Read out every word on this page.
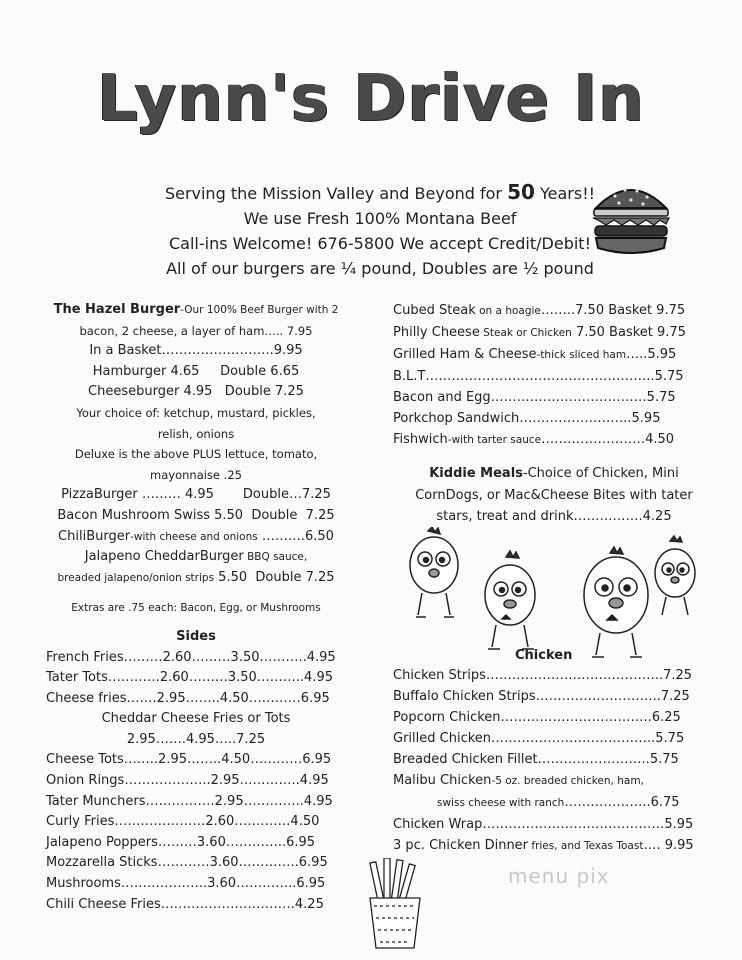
Lynn's Drive In
Serving the Mission Valley and Beyond for 50 Years!!
We use Fresh 100% Montana Beef
Call-ins Welcome! 676-5800 We accept Credit/Debit!
All of our burgers are ¼ pound, Doubles are ½ pound
The Hazel Burger-Our 100% Beef Burger with 2
bacon, 2 cheese, a layer of ham….. 7.95
In a Basket……………………..9.95
Hamburger 4.65     Double 6.65
Cheeseburger 4.95   Double 7.25
Your choice of: ketchup, mustard, pickles,
relish, onions
Deluxe is the above PLUS lettuce, tomato,
mayonnaise .25
PizzaBurger ……… 4.95       Double…7.25
Bacon Mushroom Swiss 5.50  Double  7.25
ChiliBurger-with cheese and onions ……….6.50
Jalapeno CheddarBurger BBQ sauce,
breaded jalapeno/onion strips 5.50  Double 7.25
Extras are .75 each: Bacon, Egg, or Mushrooms
Sides
French Fries………2.60………3.50………..4.95
Tater Tots…………2.60………3.50………..4.95
Cheese fries…….2.95……..4.50…………6.95
Cheddar Cheese Fries or Tots
2.95…….4.95…..7.25
Cheese Tots……..2.95……..4.50…………6.95
Onion Rings………………..2.95…………..4.95
Tater Munchers…………….2.95…………..4.95
Curly Fries…………………2.60………….4.50
Jalapeno Poppers………3.60…………..6.95
Mozzarella Sticks…………3.60…………..6.95
Mushrooms………………..3.60…………..6.95
Chili Cheese Fries………………………….4.25
Cubed Steak on a hoagie……..7.50 Basket 9.75
Philly Cheese Steak or Chicken 7.50 Basket 9.75
Grilled Ham & Cheese-thick sliced ham…..5.95
B.L.T……………………………………………..5.75
Bacon and Egg………………………………5.75
Porkchop Sandwich……………………..5.95
Fishwich-with tarter sauce……………………4.50
Kiddie Meals-Choice of Chicken, Mini
CornDogs, or Mac&Cheese Bites with tater
stars, treat and drink…………….4.25
Chicken
Chicken Strips…………………………………..7.25
Buffalo Chicken Strips………………………..7.25
Popcorn Chicken……………………………..6.25
Grilled Chicken………………………………..5.75
Breaded Chicken Fillet……………………..5.75
Malibu Chicken-5 oz. breaded chicken, ham,
swiss cheese with ranch………………..6.75
Chicken Wrap……………………………………5.95
3 pc. Chicken Dinner fries, and Texas Toast…. 9.95
menu pix
